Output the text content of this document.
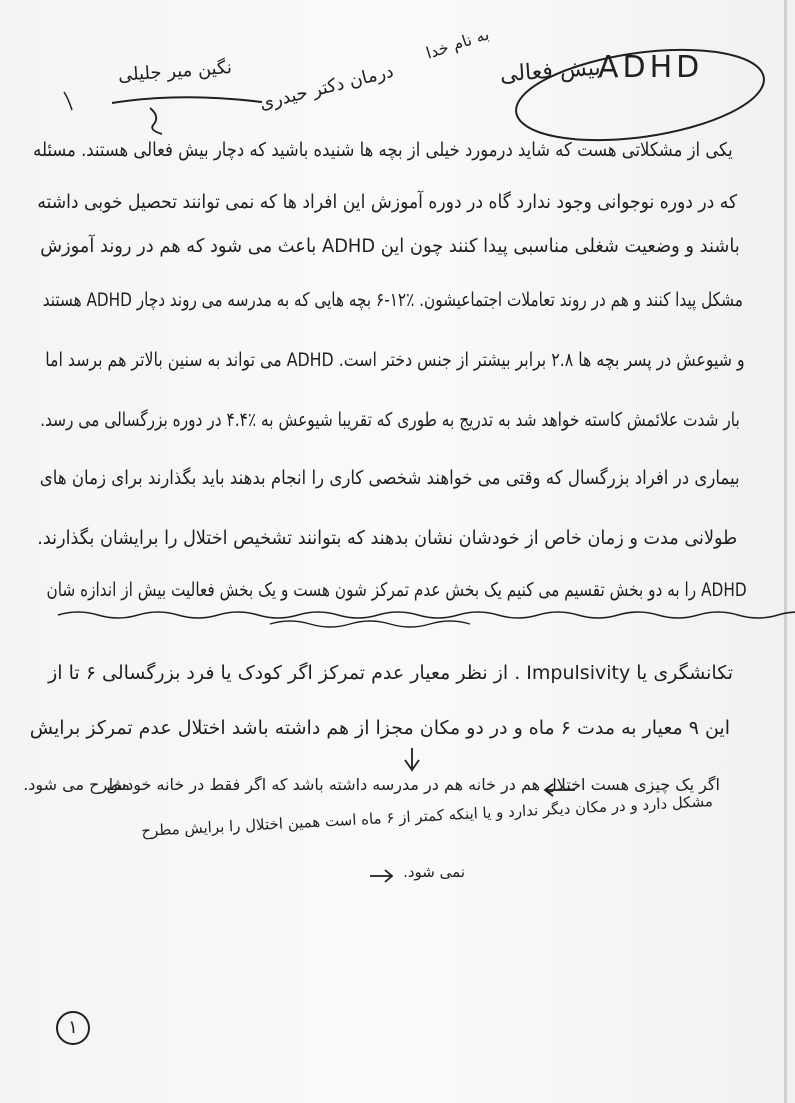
ADHD
بیش فعالی
به نام خدا
درمان دکتر حیدری
نگین میر جلیلی
یکی از مشکلاتی هست که شاید درمورد خیلی از بچه ها شنیده باشید که دچار بیش فعالی هستند. مسئله
که در دوره نوجوانی وجود ندارد گاه در دوره آموزش این افراد ها که نمی توانند تحصیل خوبی داشته
باشند و وضعیت شغلی مناسبی پیدا کنند چون این ADHD باعث می شود که هم در روند آموزش
مشکل پیدا کنند و هم در روند تعاملات اجتماعیشون. ٪۱۲-۶ بچه هایی که به مدرسه می روند دچار ADHD هستند
و شیوعش در پسر بچه ها ۲.۸ برابر بیشتر از جنس دختر است. ADHD می تواند به سنین بالاتر هم برسد اما
بار شدت علائمش کاسته خواهد شد به تدریج به طوری که تقریبا شیوعش به ٪۴.۴ در دوره بزرگسالی می رسد.
بیماری در افراد بزرگسال که وقتی می خواهند شخصی کاری را انجام بدهند باید بگذارند برای زمان های
طولانی مدت و زمان خاص از خودشان نشان بدهند که بتوانند تشخیص اختلال را برایشان بگذارند.
ADHD را به دو بخش تقسیم می کنیم یک بخش عدم تمرکز شون هست و یک بخش فعالیت بیش از اندازه شان
تکانشگری یا Impulsivity . از نظر معیار عدم تمرکز اگر کودک یا فرد بزرگسالی ۶ تا از
این ۹ معیار به مدت ۶ ماه و در دو مکان مجزا از هم داشته باشد اختلال عدم تمرکز برایش
مطرح می شود.
اگر یک چیزی هست اختلال هم در خانه هم در مدرسه داشته باشد که اگر فقط در خانه خودش
مشکل دارد و در مکان دیگر ندارد و یا اینکه کمتر از ۶ ماه است همین اختلال را برایش مطرح
نمی شود.
۱
